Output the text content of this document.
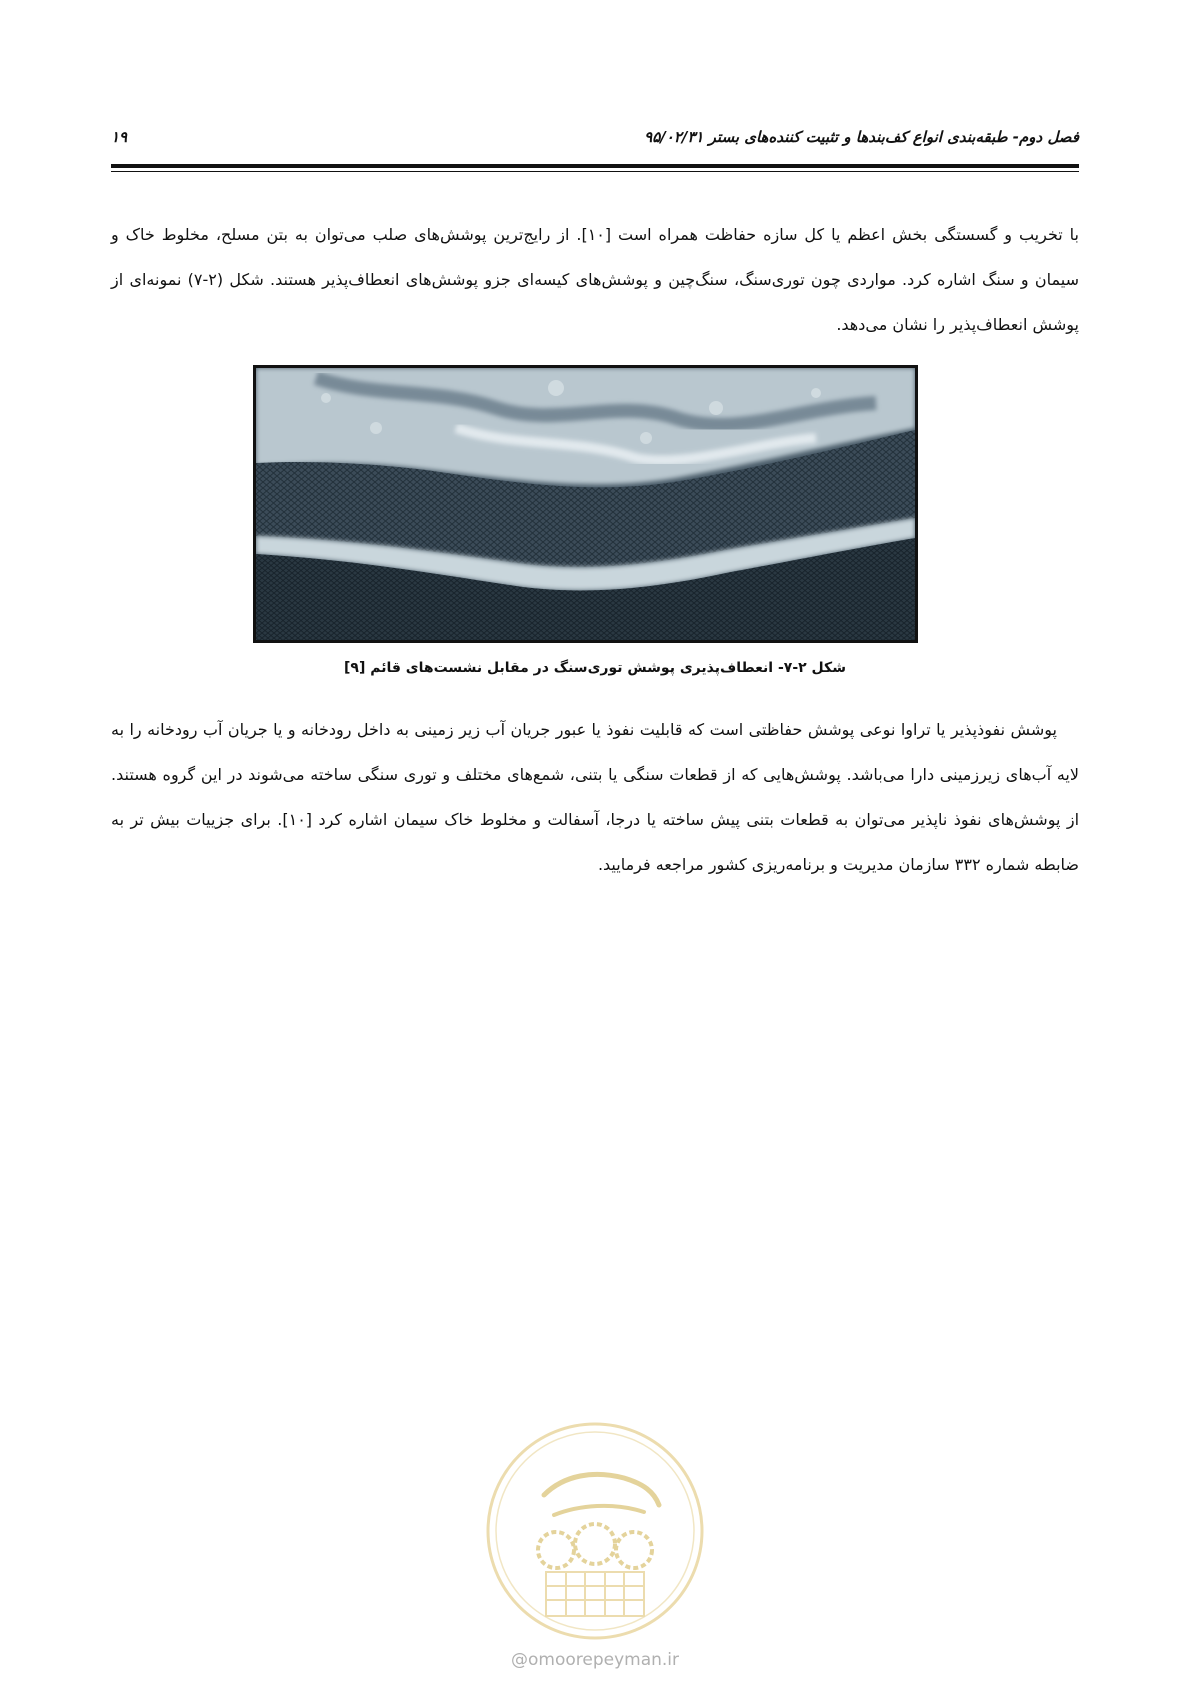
فصل دوم- طبقه‌بندی انواع کف‌بندها و تثبیت کننده‌های بستر ۹۵/۰۲/۳۱
۱۹
با تخریب و گسستگی بخش اعظم یا کل سازه حفاظت همراه است [۱۰]. از رایج‌ترین پوشش‌های صلب می‌توان به بتن مسلح، مخلوط خاک و سیمان و سنگ اشاره کرد. مواردی چون توری‌سنگ، سنگ‌چین و پوشش‌های کیسه‌ای جزو پوشش‌های انعطاف‌پذیر هستند. شکل (۲-۷) نمونه‌ای از پوشش انعطاف‌پذیر را نشان می‌دهد.
شکل ۲-۷- انعطاف‌پذیری پوشش توری‌سنگ در مقابل نشست‌های قائم [۹]
پوشش نفوذپذیر یا تراوا نوعی پوشش حفاظتی است که قابلیت نفوذ یا عبور جریان آب زیر زمینی به داخل رودخانه و یا جریان آب رودخانه را به لایه آب‌های زیرزمینی دارا می‌باشد. پوشش‌هایی که از قطعات سنگی یا بتنی، شمع‌های مختلف و توری سنگی ساخته می‌شوند در این گروه هستند. از پوشش‌های نفوذ ناپذیر می‌توان به قطعات بتنی پیش ساخته یا درجا، آسفالت و مخلوط خاک سیمان اشاره کرد [۱۰]. برای جزییات بیش تر به ضابطه شماره ۳۳۲ سازمان مدیریت و برنامه‌ریزی کشور مراجعه فرمایید.
@omoorepeyman.ir
